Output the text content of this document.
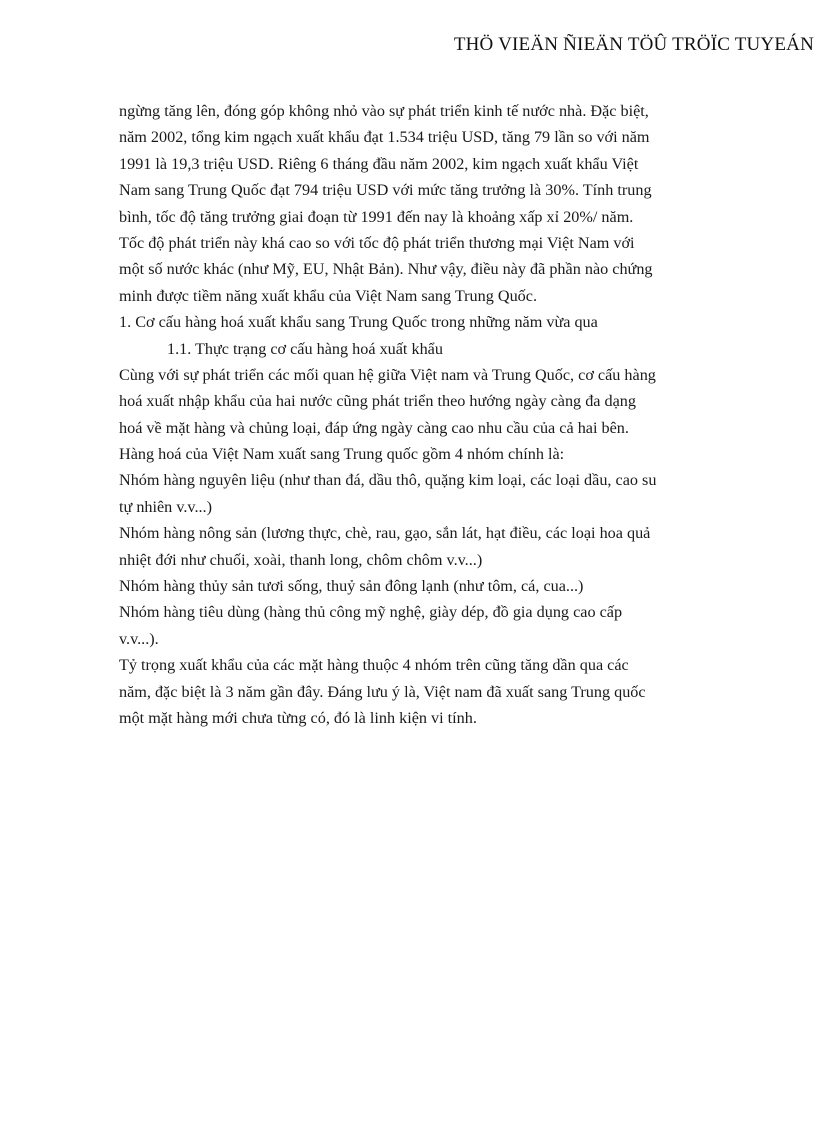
THÖ VIEÄN ÑIEÄN TÖÛ TRÖÏC TUYEÁN
ngừng tăng lên, đóng góp không nhỏ vào sự phát triển kinh tế nước nhà. Đặc biệt,
năm 2002, tổng kim ngạch xuất khẩu đạt 1.534 triệu USD, tăng 79 lần so với năm
1991 là 19,3 triệu USD. Riêng 6 tháng đầu năm 2002, kim ngạch xuất khẩu Việt
Nam sang Trung Quốc đạt 794 triệu USD với mức tăng trưởng là 30%. Tính trung
bình, tốc độ tăng trưởng giai đoạn từ 1991 đến nay là khoảng xấp xỉ 20%/ năm.
Tốc độ phát triển này khá cao so với tốc độ phát triển thương mại Việt Nam với
một số nước khác (như Mỹ, EU, Nhật Bản). Như vậy, điều này đã phần nào chứng
minh được tiềm năng xuất khẩu của Việt Nam sang Trung Quốc.
1. Cơ cấu hàng hoá xuất khẩu sang Trung Quốc trong những năm vừa qua
1.1. Thực trạng cơ cấu hàng hoá xuất khẩu
Cùng với sự phát triển các mối quan hệ giữa Việt nam và Trung Quốc, cơ cấu hàng
hoá xuất nhập khẩu của hai nước cũng phát triển theo hướng ngày càng đa dạng
hoá về mặt hàng và chủng loại, đáp ứng ngày càng cao nhu cầu của cả hai bên.
Hàng hoá của Việt Nam xuất sang Trung quốc gồm 4 nhóm chính là:
Nhóm hàng nguyên liệu (như than đá, dầu thô, quặng kim loại, các loại dầu, cao su
tự nhiên v.v...)
Nhóm hàng nông sản (lương thực, chè, rau, gạo, sắn lát, hạt điều, các loại hoa quả
nhiệt đới như chuối, xoài, thanh long, chôm chôm v.v...)
Nhóm hàng thủy sản tươi sống, thuỷ sản đông lạnh (như tôm, cá, cua...)
Nhóm hàng tiêu dùng (hàng thủ công mỹ nghệ, giày dép, đồ gia dụng cao cấp
v.v...).
Tỷ trọng xuất khẩu của các mặt hàng thuộc 4 nhóm trên cũng tăng dần qua các
năm, đặc biệt là 3 năm gần đây. Đáng lưu ý là, Việt nam đã xuất sang Trung quốc
một mặt hàng mới chưa từng có, đó là linh kiện vi tính.
